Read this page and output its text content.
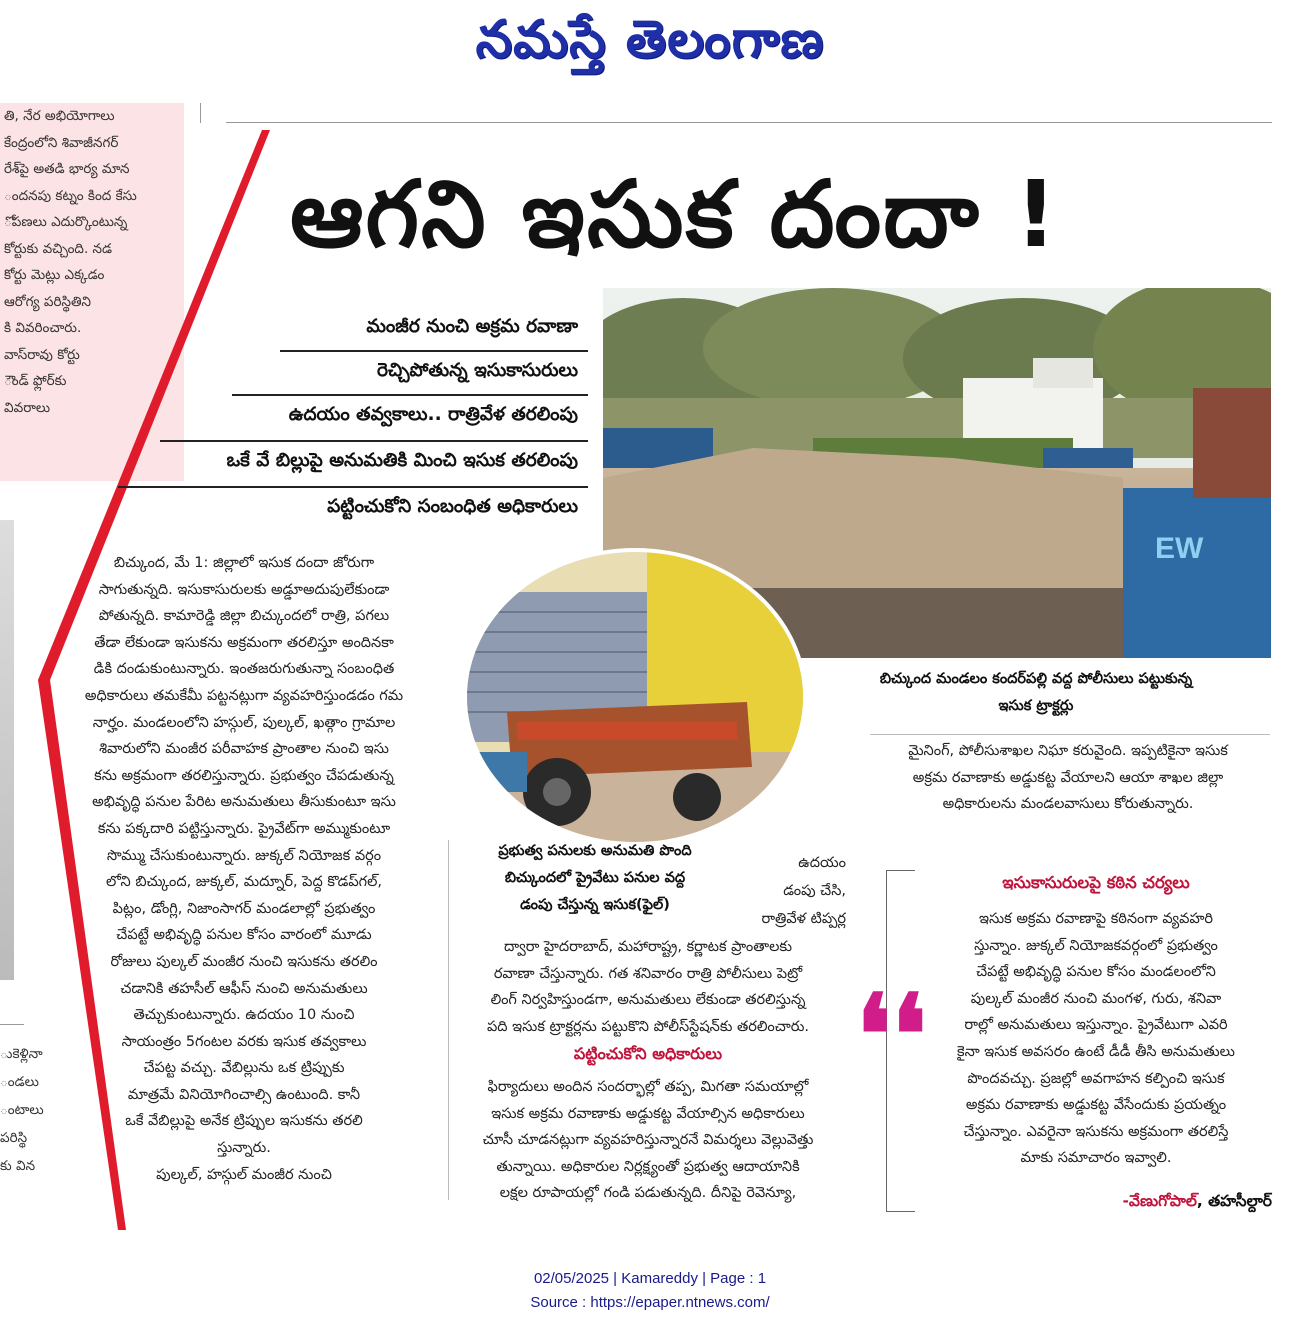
నమస్తే తెలంగాణ
తి, నేర అభియోగాలు
కేంద్రంలోని శివాజీనగర్
రేశ్‌పై అతడి భార్య మాన
ందనపు కట్నం కింద కేసు
ోపణలు ఎదుర్కొంటున్న
కోర్టుకు వచ్చింది. నడ
కోర్టు మెట్లు ఎక్కడం
ఆరోగ్య పరిస్థితిని
కి వివరించారు.
వాస్‌రావు కోర్టు
ౌండ్ ఫ్లోర్‌కు
వివరాలు
ుకెళ్లినా
ండలు
ంటాలు
పరిస్థి
కు విన
ఆగని ఇసుక దందా !
మంజీర నుంచి అక్రమ రవాణా
రెచ్చిపోతున్న ఇసుకాసురులు
ఉదయం తవ్వకాలు.. రాత్రివేళ తరలింపు
ఒకే వే బిల్లుపై అనుమతికి మించి ఇసుక తరలింపు
పట్టించుకోని సంబంధిత అధికారులు
EW
బిచ్కుంద మండలం కందర్‌పల్లి వద్ద పోలీసులు పట్టుకున్న
ఇసుక ట్రాక్టర్లు
ప్రభుత్వ పనులకు అనుమతి పొంది
బిచ్కుందలో ప్రైవేటు పనుల వద్ద
డంపు చేస్తున్న ఇసుక(ఫైల్)
బిచ్కుంద, మే 1: జిల్లాలో ఇసుక దందా జోరుగా
సాగుతున్నది. ఇసుకాసురులకు అడ్డూఅదుపులేకుండా
పోతున్నది. కామారెడ్డి జిల్లా బిచ్కుందలో రాత్రి, పగలు
తేడా లేకుండా ఇసుకను అక్రమంగా తరలిస్తూ అందినకా
డికి దండుకుంటున్నారు. ఇంతజరుగుతున్నా సంబంధిత
అధికారులు తమకేమీ పట్టనట్లుగా వ్యవహరిస్తుండడం గమ
నార్హం. మండలంలోని హస్గుల్, పుల్కల్, ఖత్గాం గ్రామాల
శివారులోని మంజీర పరీవాహక ప్రాంతాల నుంచి ఇసు
కను అక్రమంగా తరలిస్తున్నారు. ప్రభుత్వం చేపడుతున్న
అభివృద్ధి పనుల పేరిట అనుమతులు తీసుకుంటూ ఇసు
కను పక్కదారి పట్టిస్తున్నారు. ప్రైవేట్‌గా అమ్ముకుంటూ
సొమ్ము చేసుకుంటున్నారు. జుక్కల్ నియోజక వర్గం
లోని బిచ్కుంద, జుక్కల్, మద్నూర్, పెద్ద కొడప్‌గల్,
పిట్లం, డోంగ్లి, నిజాంసాగర్ మండలాల్లో ప్రభుత్వం
చేపట్టే అభివృద్ధి పనుల కోసం వారంలో మూడు
రోజులు పుల్కల్ మంజీర నుంచి ఇసుకను తరలిం
చడానికి తహసీల్ ఆఫీస్ నుంచి అనుమతులు
తెచ్చుకుంటున్నారు. ఉదయం 10 నుంచి
సాయంత్రం 5గంటల వరకు ఇసుక తవ్వకాలు
చేపట్ట వచ్చు. వేబిల్లును ఒక ట్రిప్పుకు
మాత్రమే వినియోగించాల్సి ఉంటుంది. కానీ
ఒకే వేబిల్లుపై అనేక ట్రిప్పుల ఇసుకను తరలి
స్తున్నారు.
పుల్కల్, హస్గుల్ మంజీర నుంచి
ఉదయం
డంపు చేసి,
రాత్రివేళ టిప్పర్ల
ద్వారా హైదరాబాద్, మహారాష్ట్ర, కర్ణాటక ప్రాంతాలకు
రవాణా చేస్తున్నారు. గత శనివారం రాత్రి పోలీసులు పెట్రో
లింగ్ నిర్వహిస్తుండగా, అనుమతులు లేకుండా తరలిస్తున్న
పది ఇసుక ట్రాక్టర్లను పట్టుకొని పోలీస్‌స్టేషన్‌కు తరలించారు.
పట్టించుకోని అధికారులు
ఫిర్యాదులు అందిన సందర్భాల్లో తప్ప, మిగతా సమయాల్లో
ఇసుక అక్రమ రవాణాకు అడ్డుకట్ట వేయాల్సిన అధికారులు
చూసీ చూడనట్లుగా వ్యవహరిస్తున్నారనే విమర్శలు వెల్లువెత్తు
తున్నాయి. అధికారుల నిర్లక్ష్యంతో ప్రభుత్వ ఆదాయానికి
లక్షల రూపాయల్లో గండి పడుతున్నది. దీనిపై రెవెన్యూ,
మైనింగ్, పోలీసుశాఖల నిఘా కరువైంది. ఇప్పటికైనా ఇసుక
అక్రమ రవాణాకు అడ్డుకట్ట వేయాలని ఆయా శాఖల జిల్లా
అధికారులను మండలవాసులు కోరుతున్నారు.
❛❛
ఇసుకాసురులపై కఠిన చర్యలు
ఇసుక అక్రమ రవాణాపై కఠినంగా వ్యవహరి
స్తున్నాం. జుక్కల్ నియోజకవర్గంలో ప్రభుత్వం
చేపట్టే అభివృద్ధి పనుల కోసం మండలంలోని
పుల్కల్ మంజీర నుంచి మంగళ, గురు, శనివా
రాల్లో అనుమతులు ఇస్తున్నాం. ప్రైవేటుగా ఎవరి
కైనా ఇసుక అవసరం ఉంటే డీడీ తీసి అనుమతులు
పొందవచ్చు. ప్రజల్లో అవగాహన కల్పించి ఇసుక
అక్రమ రవాణాకు అడ్డుకట్ట వేసేందుకు ప్రయత్నం
చేస్తున్నాం. ఎవరైనా ఇసుకను అక్రమంగా తరలిస్తే
మాకు సమాచారం ఇవ్వాలి.
-వేణుగోపాల్, తహసీల్దార్
02/05/2025 | Kamareddy | Page : 1
Source : https://epaper.ntnews.com/
